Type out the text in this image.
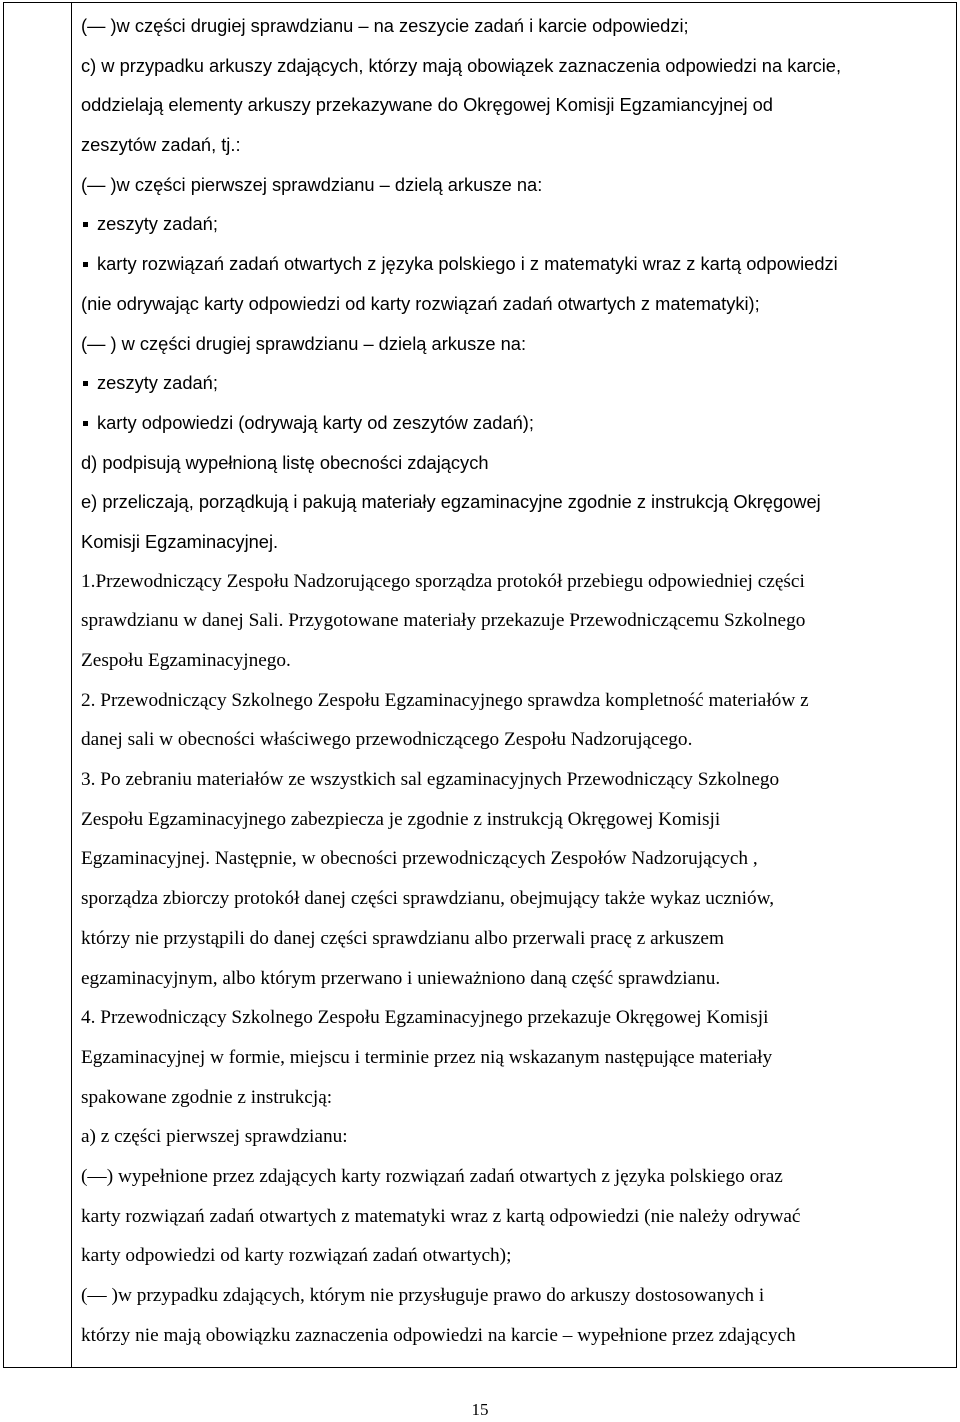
(— )w części drugiej sprawdzianu – na zeszycie zadań i karcie odpowiedzi;
c) w przypadku arkuszy zdających, którzy mają obowiązek zaznaczenia odpowiedzi na karcie,
oddzielają elementy arkuszy przekazywane do Okręgowej Komisji Egzamiancyjnej od
zeszytów zadań, tj.:
(— )w części pierwszej sprawdzianu – dzielą arkusze na:
zeszyty zadań;
karty rozwiązań zadań otwartych z języka polskiego i z matematyki wraz z kartą odpowiedzi
(nie odrywając karty odpowiedzi od karty rozwiązań zadań otwartych z matematyki);
(— ) w części drugiej sprawdzianu – dzielą arkusze na:
zeszyty zadań;
karty odpowiedzi (odrywają karty od zeszytów zadań);
d) podpisują wypełnioną listę obecności zdających
e) przeliczają, porządkują i pakują materiały egzaminacyjne zgodnie z instrukcją Okręgowej
Komisji Egzaminacyjnej.
1.Przewodniczący Zespołu Nadzorującego sporządza protokół przebiegu odpowiedniej części
sprawdzianu w danej Sali. Przygotowane materiały przekazuje Przewodniczącemu Szkolnego
Zespołu Egzaminacyjnego.
2. Przewodniczący Szkolnego Zespołu Egzaminacyjnego sprawdza kompletność materiałów z
danej sali w obecności właściwego przewodniczącego Zespołu Nadzorującego.
3. Po zebraniu materiałów ze wszystkich sal egzaminacyjnych Przewodniczący Szkolnego
Zespołu Egzaminacyjnego zabezpiecza je zgodnie z instrukcją Okręgowej Komisji
Egzaminacyjnej. Następnie, w obecności przewodniczących Zespołów Nadzorujących ,
sporządza zbiorczy protokół danej części sprawdzianu, obejmujący także wykaz uczniów,
którzy nie przystąpili do danej części sprawdzianu albo przerwali pracę z arkuszem
egzaminacyjnym, albo którym przerwano i unieważniono daną część sprawdzianu.
4. Przewodniczący Szkolnego Zespołu Egzaminacyjnego przekazuje Okręgowej Komisji
Egzaminacyjnej w formie, miejscu i terminie przez nią wskazanym następujące materiały
spakowane zgodnie z instrukcją:
a) z części pierwszej sprawdzianu:
(—) wypełnione przez zdających karty rozwiązań zadań otwartych z języka polskiego oraz
karty rozwiązań zadań otwartych z matematyki wraz z kartą odpowiedzi (nie należy odrywać
karty odpowiedzi od karty rozwiązań zadań otwartych);
(— )w przypadku zdających, którym nie przysługuje prawo do arkuszy dostosowanych i
którzy nie mają obowiązku zaznaczenia odpowiedzi na karcie – wypełnione przez zdających
15
